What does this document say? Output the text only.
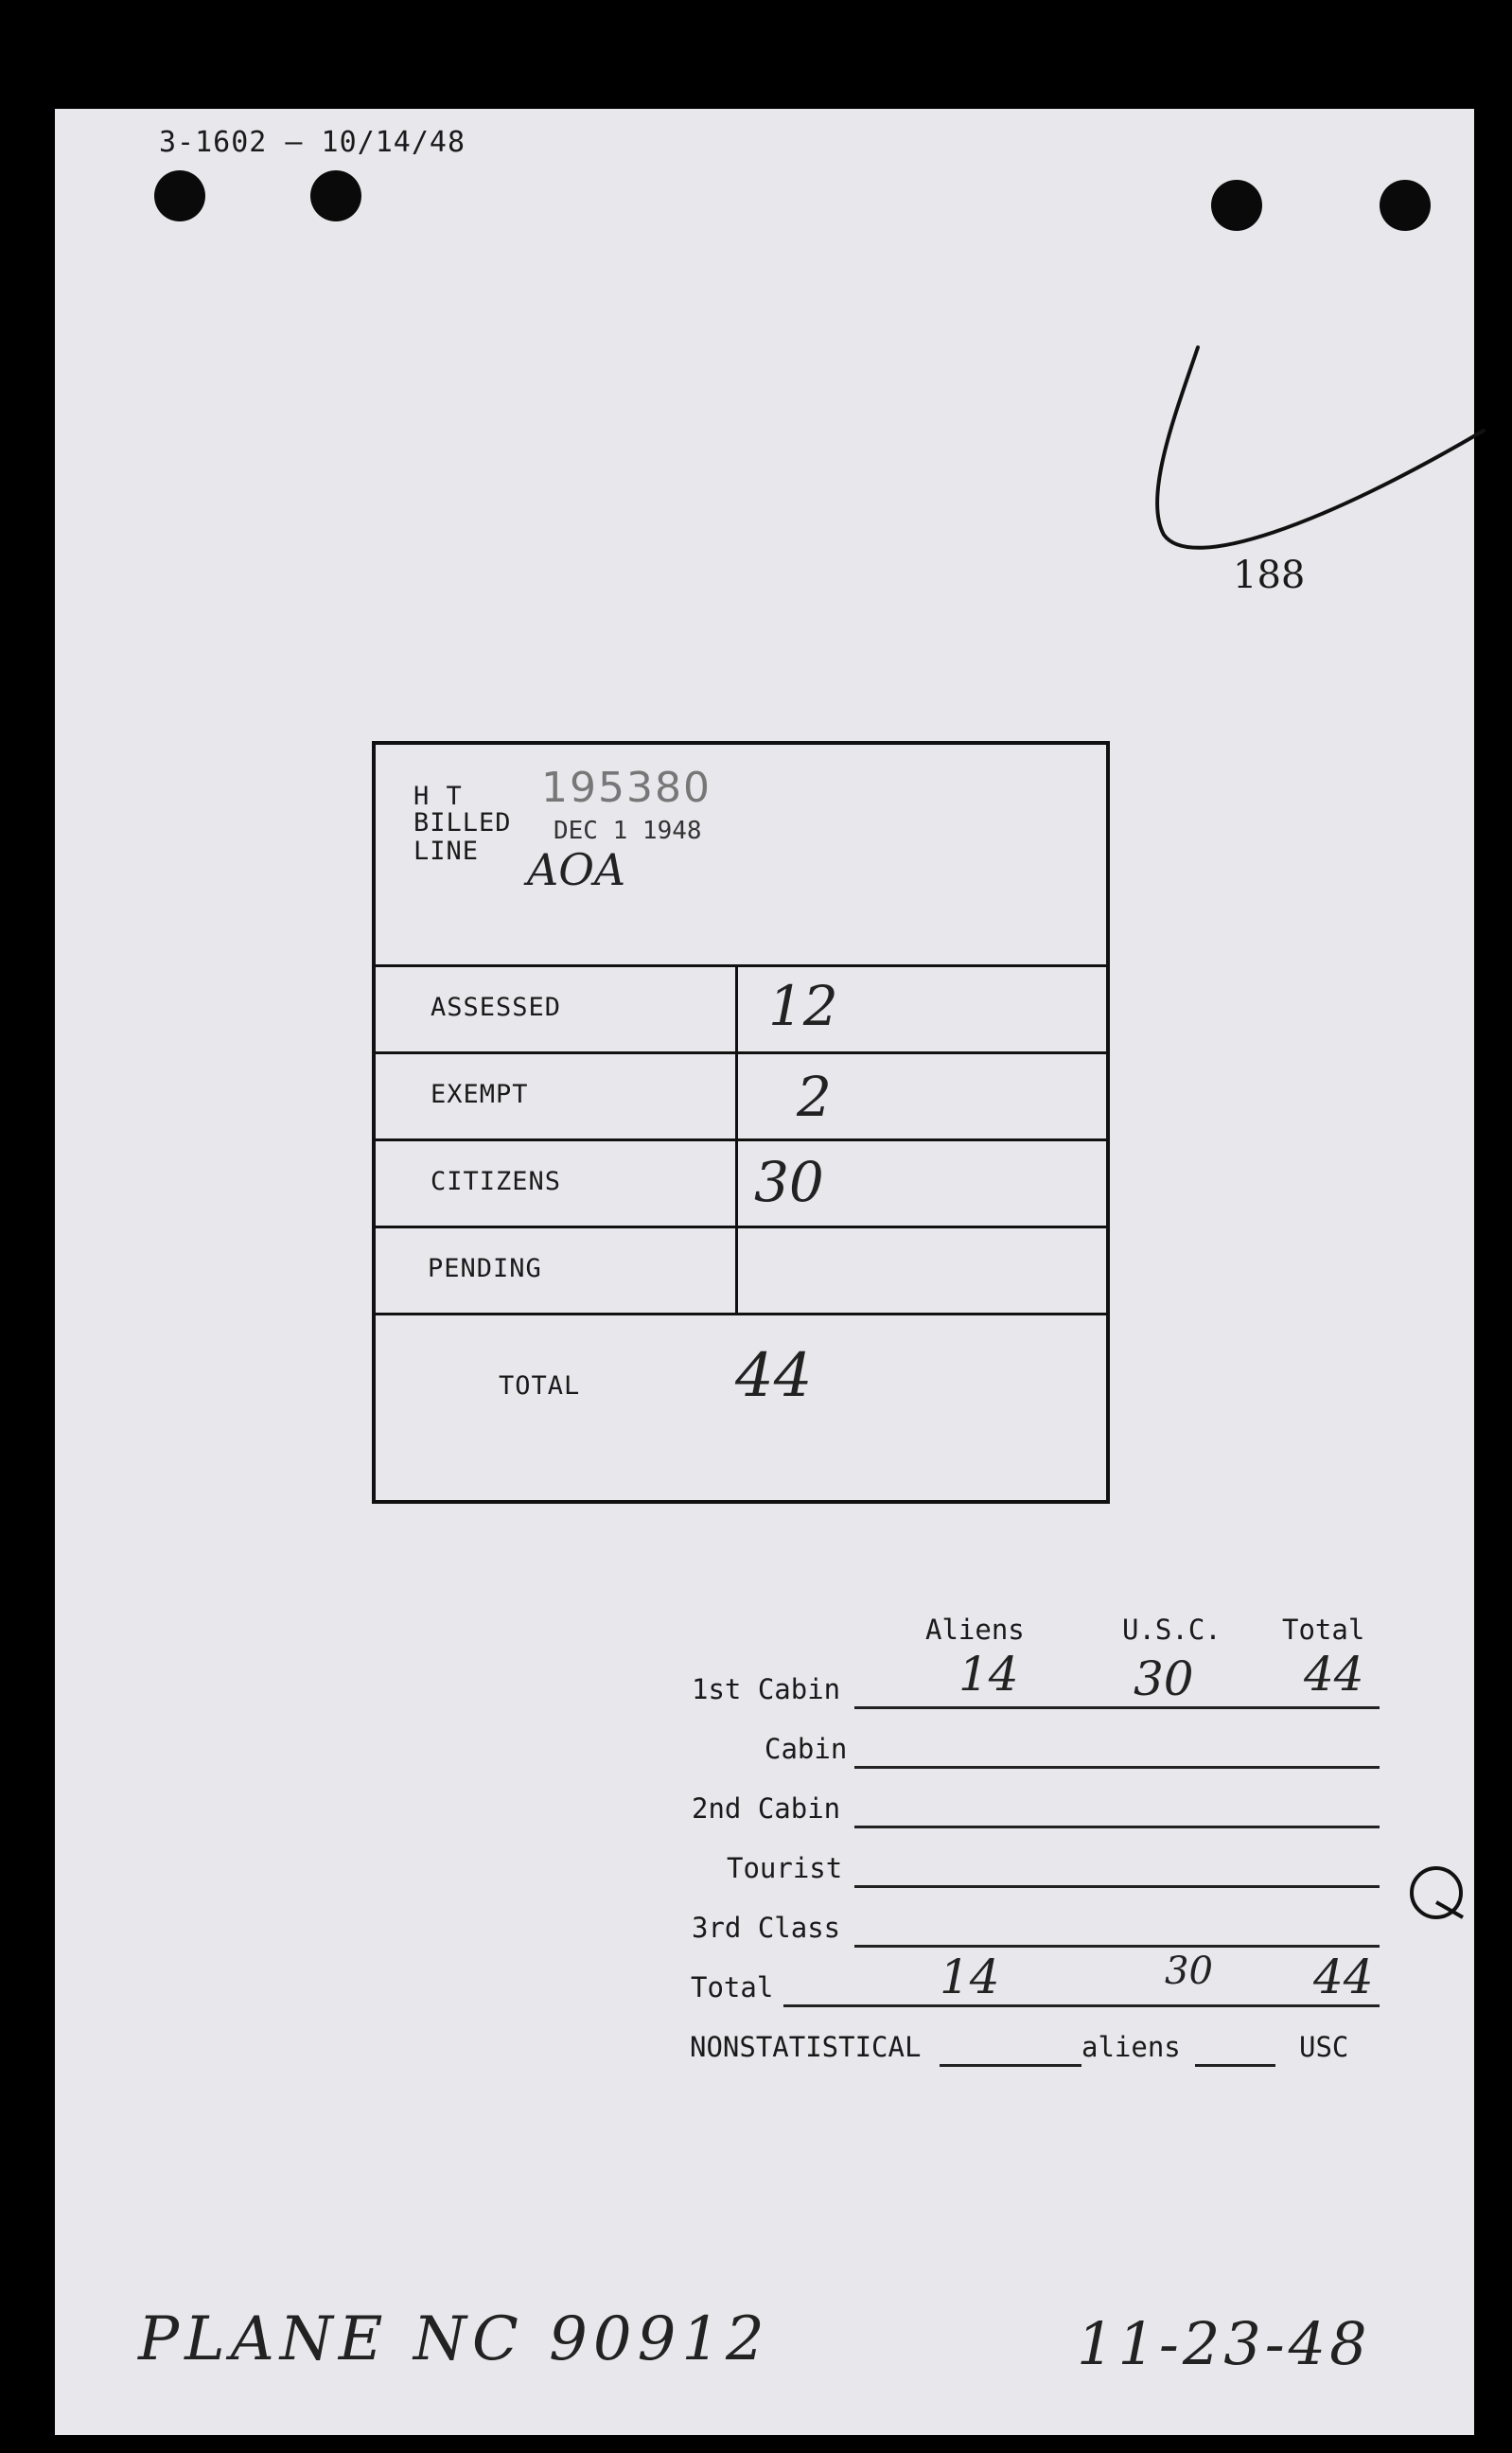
3-1602 — 10/14/48
188
H T
BILLED
LINE
195380
DEC 1 1948
AOA
ASSESSED	12
EXEMPT	2
CITIZENS	30
PENDING
TOTAL	44
Aliens	U.S.C. Total
1st Cabin 14 30 44
Cabin
2nd Cabin
Tourist
3rd Class
Total	14	30 44
NONSTATISTICAL	aliens	USC
PLANE NC 90912	11-23-48
